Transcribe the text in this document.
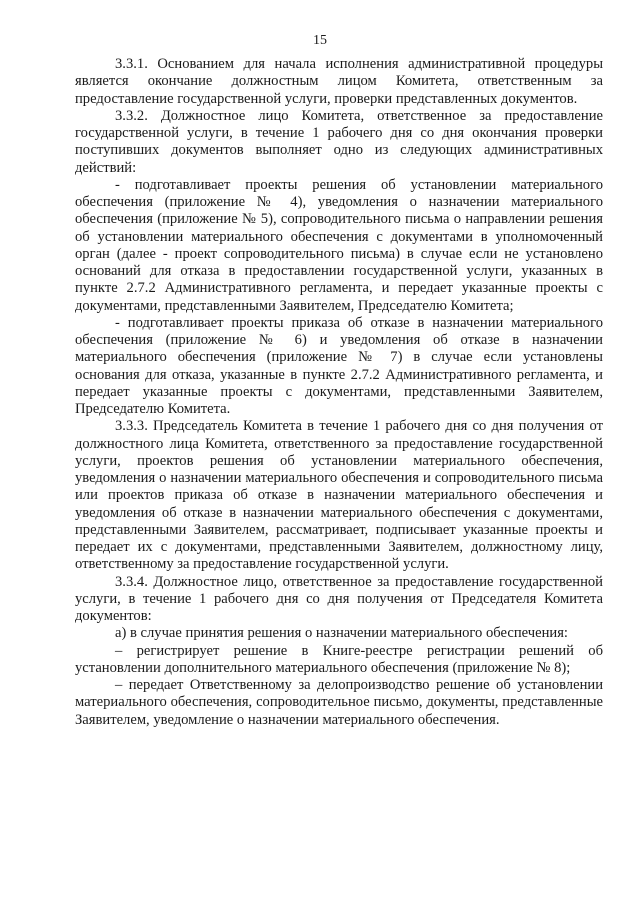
15

3.3.1. Основанием для начала исполнения административной процедуры является окончание должностным лицом Комитета, ответственным за предоставление государственной услуги, проверки представленных документов.

3.3.2. Должностное лицо Комитета, ответственное за предоставление государственной услуги, в течение 1 рабочего дня со дня окончания проверки поступивших документов выполняет одно из следующих административных действий:

- подготавливает проекты решения об установлении материального обеспечения (приложение № 4), уведомления о назначении материального обеспечения (приложение № 5), сопроводительного письма о направлении решения об установлении материального обеспечения с документами в уполномоченный орган (далее - проект сопроводительного письма) в случае если не установлено оснований для отказа в предоставлении государственной услуги, указанных в пункте 2.7.2 Административного регламента, и передает указанные проекты с документами, представленными Заявителем, Председателю Комитета;

- подготавливает проекты приказа об отказе в назначении материального обеспечения (приложение № 6) и уведомления об отказе в назначении материального обеспечения (приложение № 7) в случае если установлены основания для отказа, указанные в пункте 2.7.2 Административного регламента, и передает указанные проекты с документами, представленными Заявителем, Председателю Комитета.

3.3.3. Председатель Комитета в течение 1 рабочего дня со дня получения от должностного лица Комитета, ответственного за предоставление государственной услуги, проектов решения об установлении материального обеспечения, уведомления о назначении материального обеспечения и сопроводительного письма или проектов приказа об отказе в назначении материального обеспечения и уведомления об отказе в назначении материального обеспечения с документами, представленными Заявителем, рассматривает, подписывает указанные проекты и передает их с документами, представленными Заявителем, должностному лицу, ответственному за предоставление государственной услуги.

3.3.4. Должностное лицо, ответственное за предоставление государственной услуги, в течение 1 рабочего дня со дня получения от Председателя Комитета документов:

а) в случае принятия решения о назначении материального обеспечения:

– регистрирует решение в Книге-реестре регистрации решений об установлении дополнительного материального обеспечения (приложение № 8);

– передает Ответственному за делопроизводство решение об установлении материального обеспечения, сопроводительное письмо, документы, представленные Заявителем, уведомление о назначении материального обеспечения.
